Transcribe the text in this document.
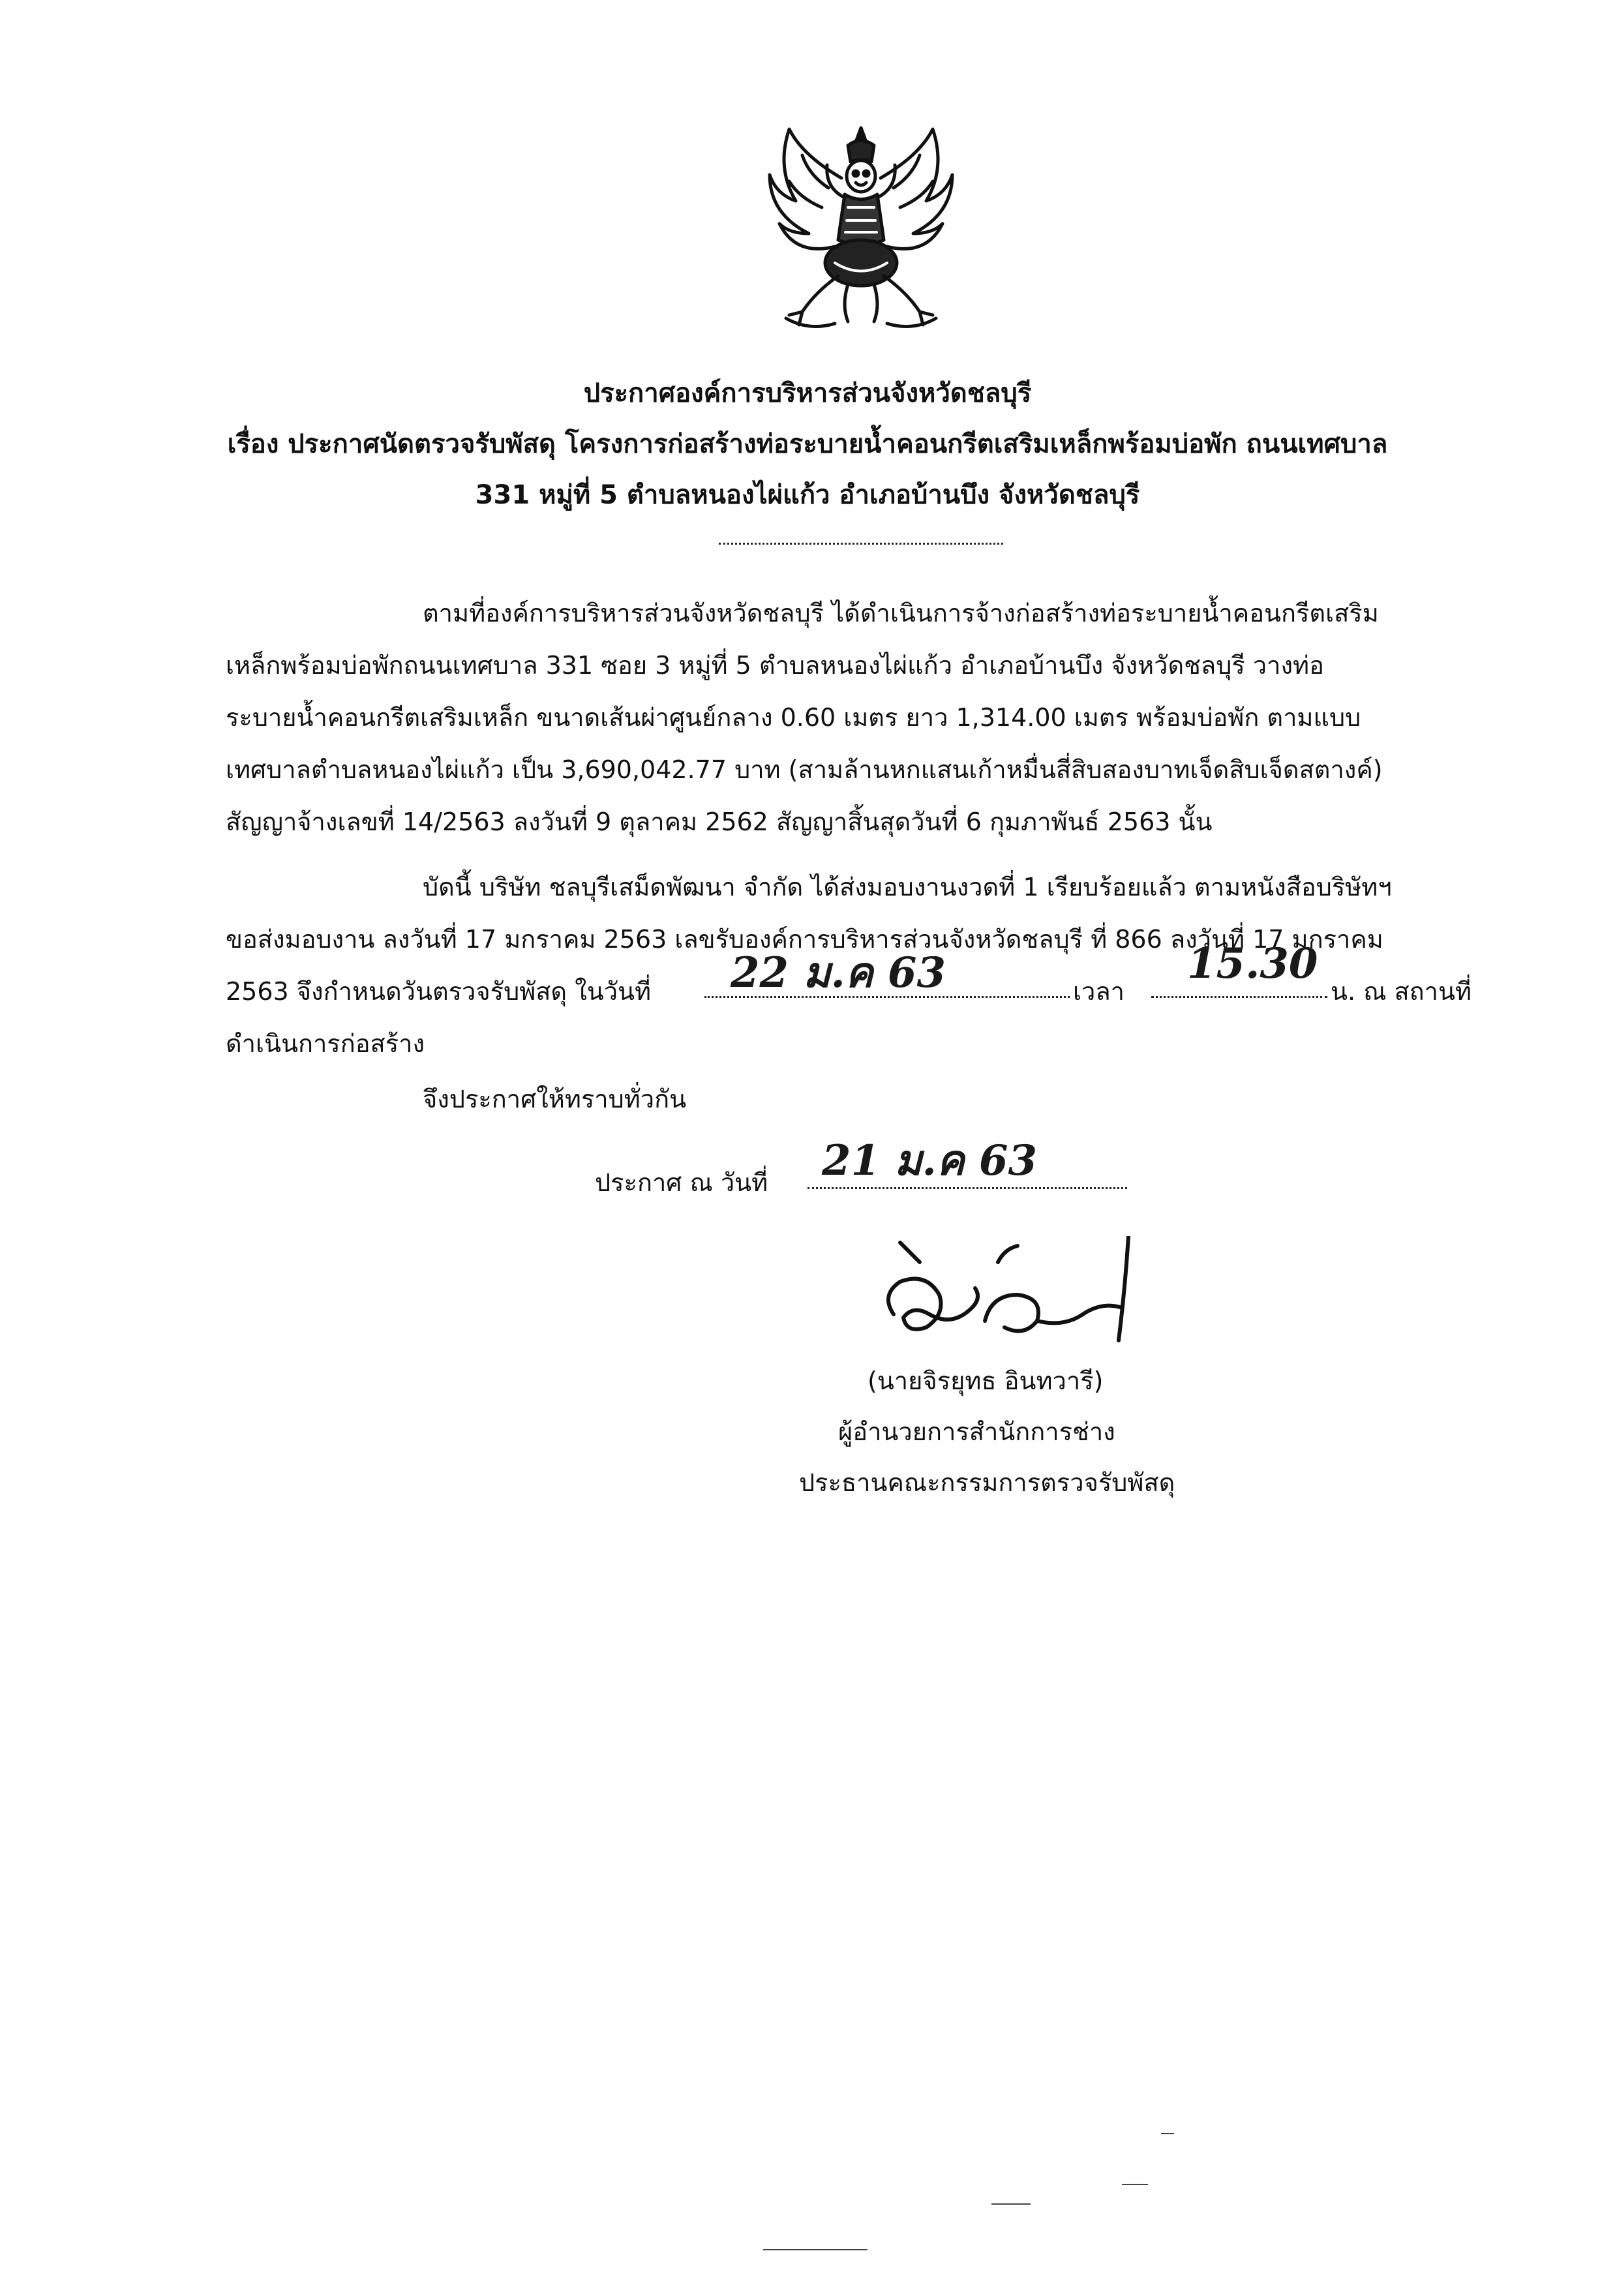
ประกาศองค์การบริหารส่วนจังหวัดชลบุรี
เรื่อง ประกาศนัดตรวจรับพัสดุ โครงการก่อสร้างท่อระบายน้ำคอนกรีตเสริมเหล็กพร้อมบ่อพัก ถนนเทศบาล
331 หมู่ที่ 5 ตำบลหนองไผ่แก้ว อำเภอบ้านบึง จังหวัดชลบุรี
ตามที่องค์การบริหารส่วนจังหวัดชลบุรี ได้ดำเนินการจ้างก่อสร้างท่อระบายน้ำคอนกรีตเสริม
เหล็กพร้อมบ่อพักถนนเทศบาล 331 ซอย 3 หมู่ที่ 5 ตำบลหนองไผ่แก้ว อำเภอบ้านบึง จังหวัดชลบุรี วางท่อ
ระบายน้ำคอนกรีตเสริมเหล็ก ขนาดเส้นผ่าศูนย์กลาง 0.60 เมตร ยาว 1,314.00 เมตร พร้อมบ่อพัก ตามแบบ
เทศบาลตำบลหนองไผ่แก้ว เป็น 3,690,042.77 บาท (สามล้านหกแสนเก้าหมื่นสี่สิบสองบาทเจ็ดสิบเจ็ดสตางค์)
สัญญาจ้างเลขที่ 14/2563 ลงวันที่ 9 ตุลาคม 2562 สัญญาสิ้นสุดวันที่ 6 กุมภาพันธ์ 2563 นั้น
บัดนี้ บริษัท ชลบุรีเสม็ดพัฒนา จำกัด ได้ส่งมอบงานงวดที่ 1 เรียบร้อยแล้ว ตามหนังสือบริษัทฯ
ขอส่งมอบงาน ลงวันที่ 17 มกราคม 2563 เลขรับองค์การบริหารส่วนจังหวัดชลบุรี ที่ 866 ลงวันที่ 17 มกราคม
2563 จึงกำหนดวันตรวจรับพัสดุ ในวันที่ 22 ม.ค 63	เวลา
15.30
น. ณ สถานที่
ดำเนินการก่อสร้าง
จึงประกาศให้ทราบทั่วกัน
ประกาศ ณ วันที่ 21 ม.ค 63
(นายจิรยุทธ อินทวารี)
ผู้อำนวยการสำนักการช่าง
ประธานคณะกรรมการตรวจรับพัสดุ
